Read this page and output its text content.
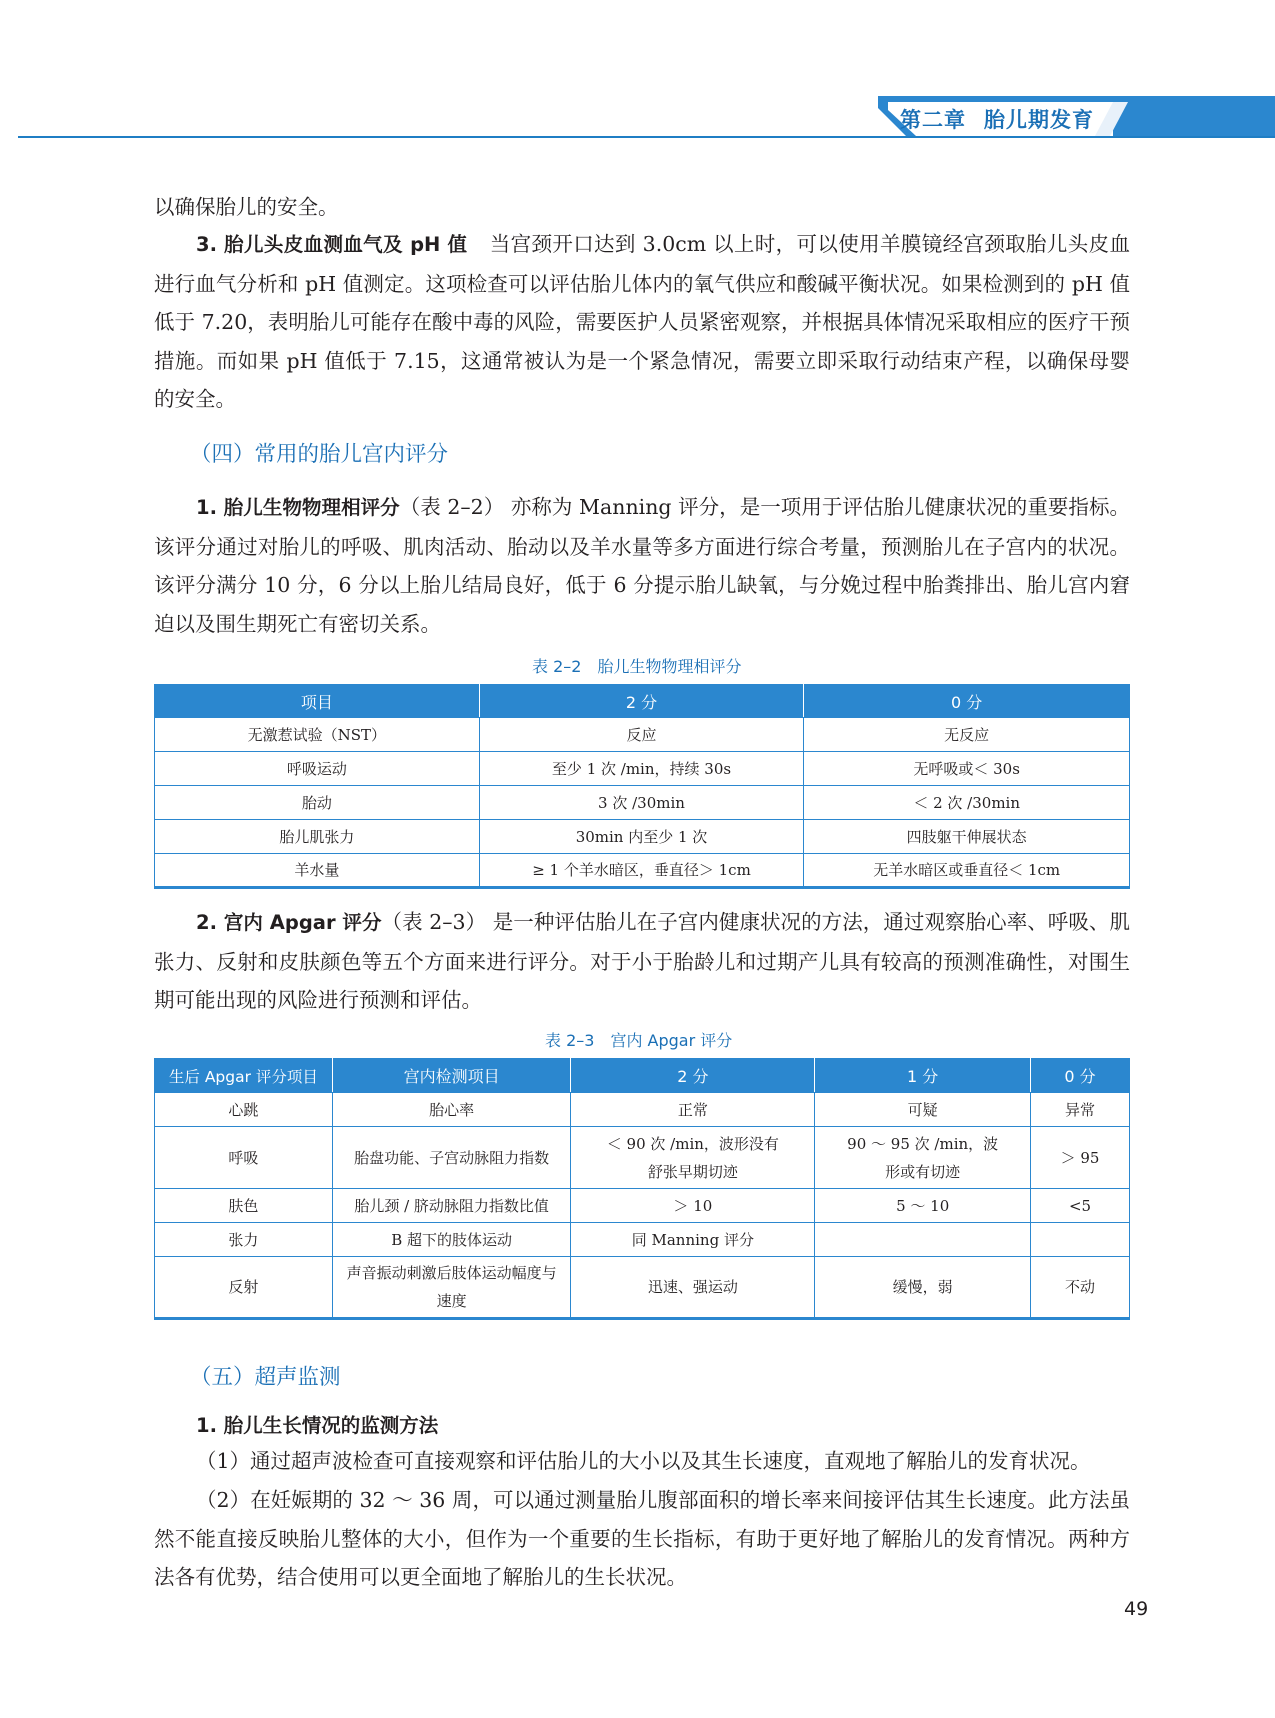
第二章 胎儿期发育
以确保胎儿的安全。
3. 胎儿头皮血测血气及 pH 值 当宫颈开口达到 3.0cm 以上时，可以使用羊膜镜经宫颈取胎儿头皮血进行血气分析和 pH 值测定。这项检查可以评估胎儿体内的氧气供应和酸碱平衡状况。如果检测到的 pH 值低于 7.20，表明胎儿可能存在酸中毒的风险，需要医护人员紧密观察，并根据具体情况采取相应的医疗干预措施。而如果 pH 值低于 7.15，这通常被认为是一个紧急情况，需要立即采取行动结束产程，以确保母婴的安全。
（四）常用的胎儿宫内评分
1. 胎儿生物物理相评分（表 2–2） 亦称为 Manning 评分，是一项用于评估胎儿健康状况的重要指标。该评分通过对胎儿的呼吸、肌肉活动、胎动以及羊水量等多方面进行综合考量，预测胎儿在子宫内的状况。该评分满分 10 分，6 分以上胎儿结局良好，低于 6 分提示胎儿缺氧，与分娩过程中胎粪排出、胎儿宫内窘迫以及围生期死亡有密切关系。
表 2–2　胎儿生物物理相评分
项目	2 分	0 分
无激惹试验（NST）	反应	无反应
呼吸运动	至少 1 次 /min，持续 30s	无呼吸或＜ 30s
胎动	3 次 /30min	＜ 2 次 /30min
胎儿肌张力	30min 内至少 1 次	四肢躯干伸展状态
羊水量	≥ 1 个羊水暗区，垂直径＞ 1cm	无羊水暗区或垂直径＜ 1cm
2. 宫内 Apgar 评分（表 2–3） 是一种评估胎儿在子宫内健康状况的方法，通过观察胎心率、呼吸、肌张力、反射和皮肤颜色等五个方面来进行评分。对于小于胎龄儿和过期产儿具有较高的预测准确性，对围生期可能出现的风险进行预测和评估。
表 2–3　宫内 Apgar 评分
生后 Apgar 评分项目	宫内检测项目	2 分	1 分	0 分
心跳	胎心率	正常	可疑	异常
呼吸	胎盘功能、子宫动脉阻力指数	＜ 90 次 /min，波形没有舒张早期切迹	90 ～ 95 次 /min，波形或有切迹	＞ 95
肤色	胎儿颈 / 脐动脉阻力指数比值	＞ 10	5 ～ 10	<5
张力	B 超下的肢体运动	同 Manning 评分		
反射	声音振动刺激后肢体运动幅度与速度	迅速、强运动	缓慢，弱	不动
（五）超声监测
1. 胎儿生长情况的监测方法
（1）通过超声波检查可直接观察和评估胎儿的大小以及其生长速度，直观地了解胎儿的发育状况。
（2）在妊娠期的 32 ～ 36 周，可以通过测量胎儿腹部面积的增长率来间接评估其生长速度。此方法虽然不能直接反映胎儿整体的大小，但作为一个重要的生长指标，有助于更好地了解胎儿的发育情况。两种方法各有优势，结合使用可以更全面地了解胎儿的生长状况。
49
